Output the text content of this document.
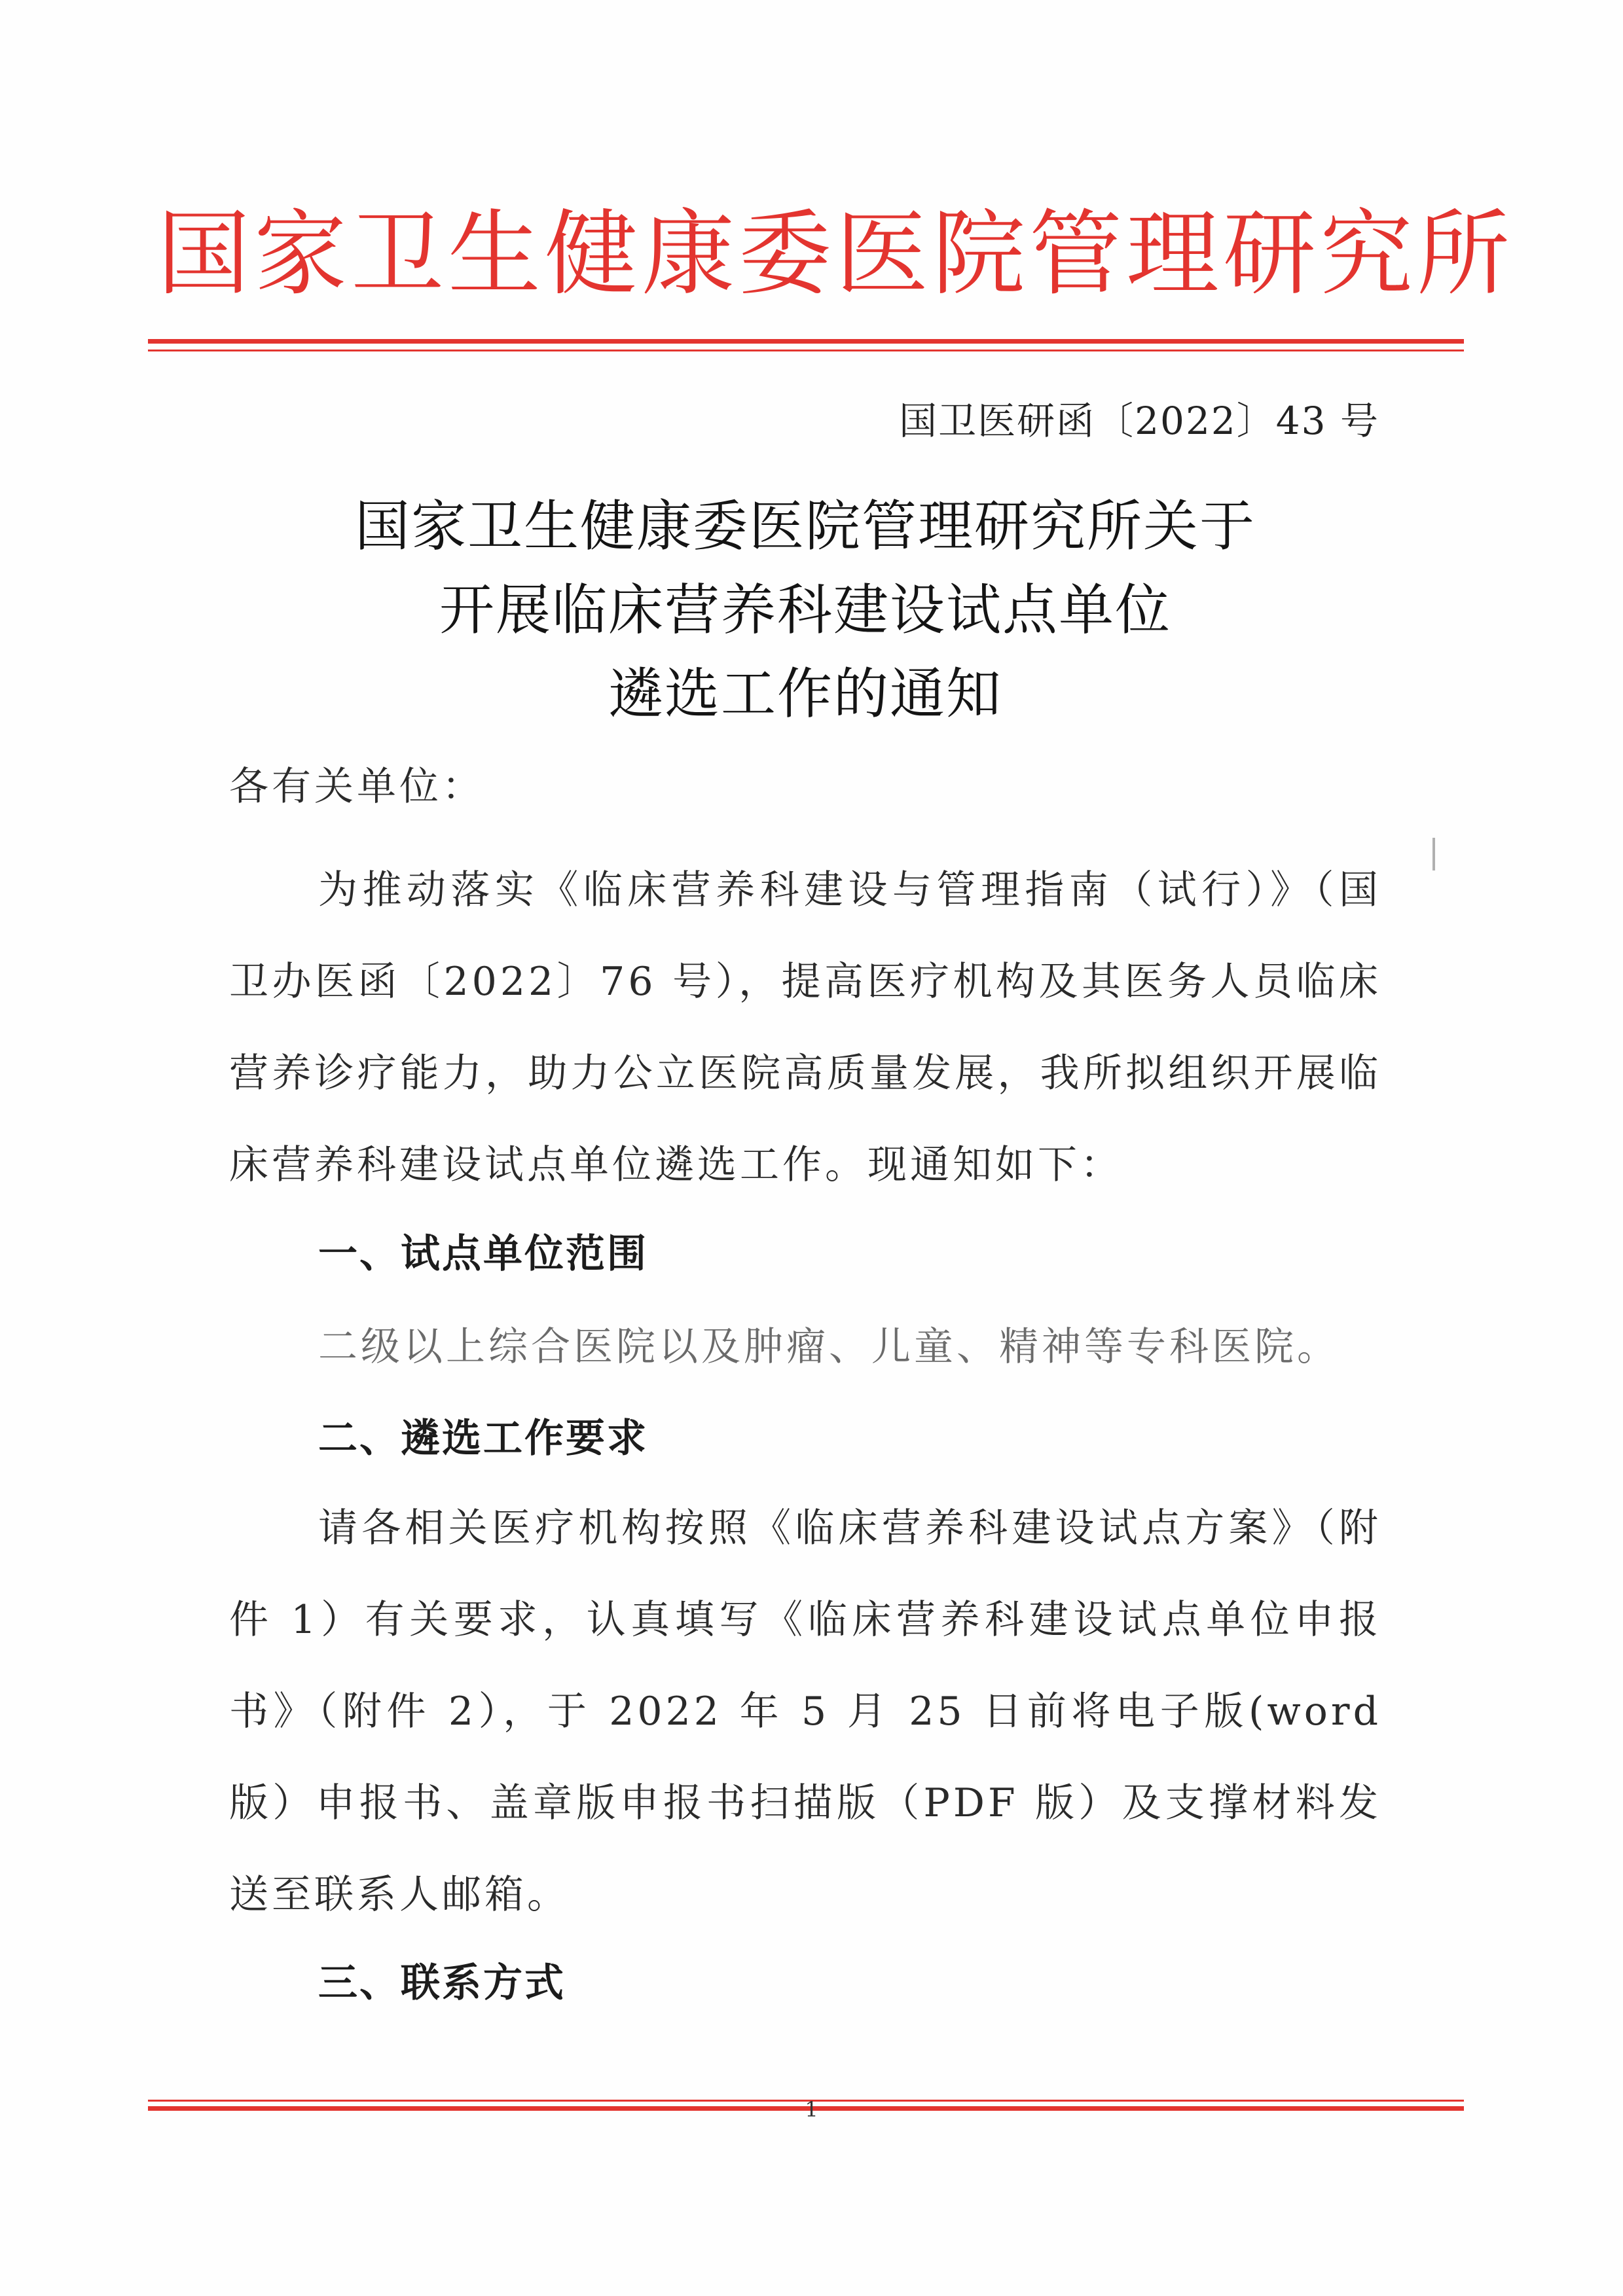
国家卫生健康委医院管理研究所
国卫医研函〔2022〕43 号
国家卫生健康委医院管理研究所关于
开展临床营养科建设试点单位
遴选工作的通知
各有关单位：
为推动落实《临床营养科建设与管理指南（试行）》（国卫办医函〔2022〕76 号），提高医疗机构及其医务人员临床营养诊疗能力，助力公立医院高质量发展，我所拟组织开展临床营养科建设试点单位遴选工作。现通知如下：
一、试点单位范围
二级以上综合医院以及肿瘤、儿童、精神等专科医院。
二、遴选工作要求
请各相关医疗机构按照《临床营养科建设试点方案》（附件 1）有关要求，认真填写《临床营养科建设试点单位申报书》（附件 2），于 2022 年 5 月 25 日前将电子版(word 版）申报书、盖章版申报书扫描版（PDF 版）及支撑材料发送至联系人邮箱。
三、联系方式
1
